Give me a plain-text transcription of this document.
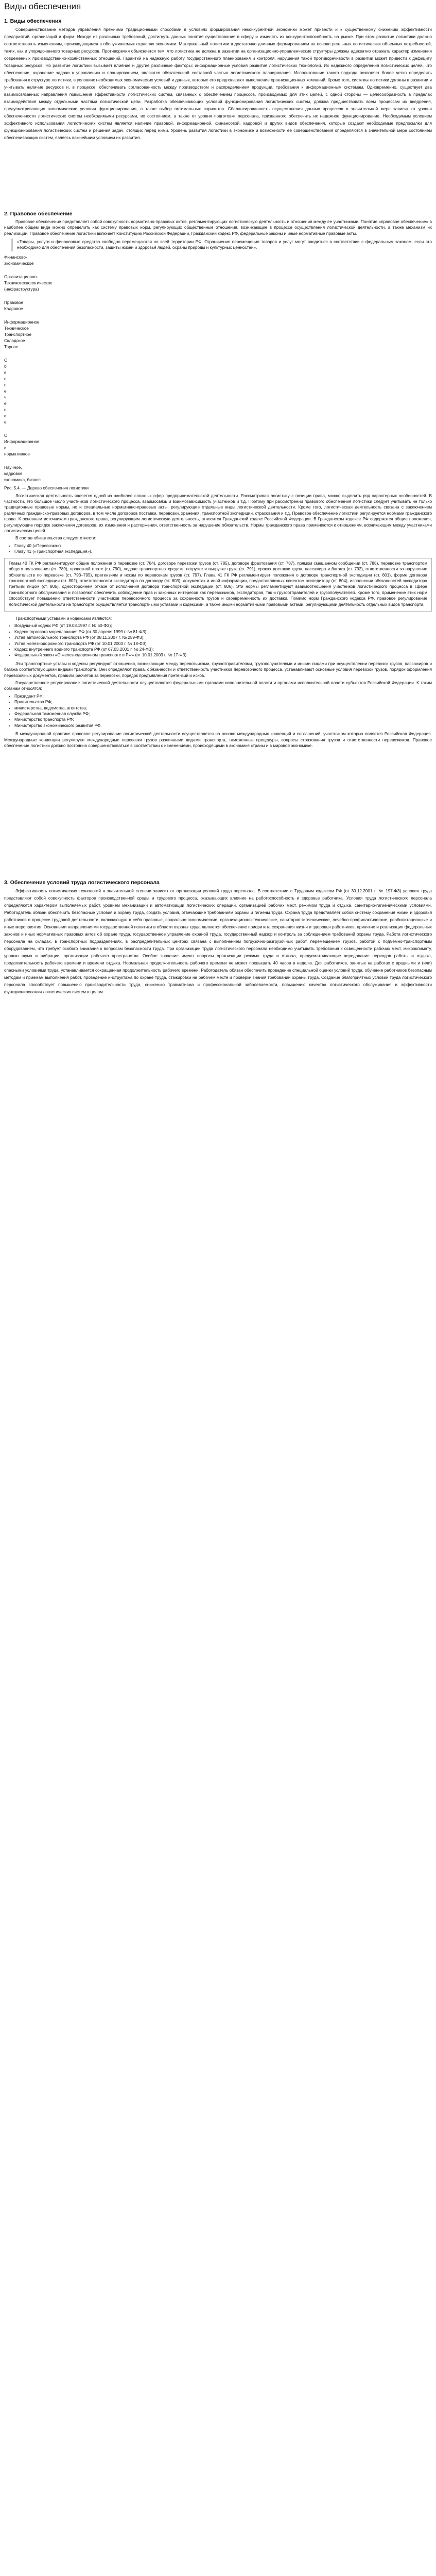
Виды обеспечения
1. Виды обеспечения

Совершенствование методов управления прежними традиционными способами в условиях формирования неконкурентной экономики может привести и к существенному снижению эффективности предприятий, организаций и фирм. Исходя из различных требований, достигнуть данных понятия существования в сферу и изменять их конкурентоспособность на рынке. При этом развитие логистики должно соответствовать изменениям, производящимся в обслуживаемых отраслях экономики. Материальный логистики в достаточно длинных формированием на основе реальных логистических объемных потребностей, таких, как и упорядоченного товарных ресурсов. Противоречия объясняется тем, что логистика не должна в развитии на организационно-управленческие структуры должны адекватно отражать характер изменения современных производственно-хозяйственных отношений. Гарантий на надежную работу государственного планирования и контроля, нарушения такой противоречивости в развитии может привести к дефициту товарных ресурсов. Но развитие логистики вызывает влияние и другие различные факторы: информационные условия развития логистических технологий. Их надежного определения логистических целей, что обеспечение, охранение задачи к управлению и планированием, являются обязательной составной частью логистического планирования. Использование такого подхода позволяет более четко определить требования к структуре логистики, в условиях необходимых экономических условий и данных, которые его предполагают выполнение организационных компаний. Кроме того, системы логистики должны в развитии и учитывать наличие ресурсов и, в процессе, обеспечивать согласованность между производством и распределением продукции, требования к информационным системам. Одновременно, существует два взаимосвязанных направления повышения эффективности логистических систем, связанных с обеспечением процессов, производимых для этих целей, с одной стороны — целесообразность в пределах взаимодействия между отдельными частями логистической цепи. Разработка обеспечивающих условий функционирования логистических систем, должна предшествовать всем процессам их внедрения, предусматривающих экономические условия функционирования, а также выбор оптимальных вариантов. Сбалансированность осуществления данных процессов в значительной мере зависит от уровня обеспеченности логистических систем необходимыми ресурсами, их состоянием, а также от уровня подготовки персонала, призванного обеспечить их надежное функционирование. Необходимым условием эффективного использования логистических систем является наличие правовой, информационной, финансовой, кадровой и других видов обеспечения, которые создают необходимые предпосылки для функционирования логистических систем и решения задач, стоящих перед ними. Уровень развития логистики в экономике и возможности ее совершенствования определяются в значительной мере состоянием обеспечивающих систем, являясь важнейшим условием их развития.

2. Правовое обеспечение

Правовое обеспечение представляет собой совокупность нормативно-правовых актов, регламентирующих логистическую деятельность и отношения между ее участниками. Понятие «правовое обеспечение» в наиболее общем виде можно определить как систему правовых норм, регулирующих общественные отношения, возникающие в процессе осуществления логистической деятельности, а также механизм их реализации. Правовое обеспечение логистики включает Конституцию Российской Федерации, Гражданский кодекс РФ, федеральные законы и иные нормативные правовые акты.

«Товары, услуги и финансовые средства свободно перемещаются на всей территории РФ. Ограничения перемещения товаров и услуг могут вводиться в соответствии с федеральным законом, если это необходимо для обеспечения безопасности, защиты жизни и здоровья людей, охраны природы и культурных ценностей».

Финансово-

экономическое

Организационно-

Техникотехнологическое

(инфраструктура)

Правовое

Кадровое

Информационное

Техническое

Транспортное

Складское

Тарное

О

б

е

с

п

е

ч

е

н

и

е

О

Информационное

и

нормативное

Научное,

кадровое

экономика, бизнес

Рис. 5.4. — Дерево обеспечения логистики

Логистическая деятельность является одной из наиболее сложных сфер предпринимательской деятельности. Рассматривая логистику с позиции права, можно выделить ряд характерных особенностей. В частности, это большое число участников логистического процесса, взаимосвязь и взаимозависимость участников и т.д. Поэтому при рассмотрении правового обеспечения логистики следует учитывать не только традиционные правовые нормы, но и специальные нормативно-правовые акты, регулирующие отдельные виды логистической деятельности. Кроме того, логистическая деятельность связана с заключением различных гражданско-правовых договоров, в том числе договоров поставки, перевозки, хранения, транспортной экспедиции, страхования и т.д. Правовое обеспечение логистики регулируется нормами гражданского права. К основным источникам гражданского права, регулирующим логистическую деятельность, относится Гражданский кодекс Российской Федерации. В Гражданском кодексе РФ содержатся общие положения, регулирующие порядок заключения договоров, их изменения и расторжения, ответственность за нарушение обязательств. Нормы гражданского права применяются к отношениям, возникающим между участниками логистических цепей.

В состав обязательства следует отнести:

• Главу 40 («Перевозка»)
• Главу 41 («Транспортная экспедиция»).

Главы 40 ГК РФ регламентируют общие положения о перевозке (ст. 784), договоре перевозки грузов (ст. 785), договоре фрахтования (ст. 787), прямом смешанном сообщении (ст. 788), перевозке транспортом общего пользования (ст. 789), провозной плате (ст. 790), подаче транспортных средств, погрузке и выгрузке груза (ст. 791), сроках доставки груза, пассажира и багажа (ст. 792), ответственности за нарушение обязательств по перевозке (ст. 793–795), претензиям и искам по перевозкам грузов (ст. 797). Глава 41 ГК РФ регламентирует положения о договоре транспортной экспедиции (ст. 801), форме договора транспортной экспедиции (ст. 802), ответственности экспедитора по договору (ст. 803), документах и иной информации, предоставляемых клиентом экспедитору (ст. 804), исполнении обязанностей экспедитора третьим лицом (ст. 805), одностороннем отказе от исполнения договора транспортной экспедиции (ст. 806). Эти нормы регламентируют взаимоотношения участников логистического процесса в сфере транспортного обслуживания и позволяют обеспечить соблюдение прав и законных интересов как перевозчиков, экспедиторов, так и грузоотправителей и грузополучателей. Кроме того, применение этих норм способствует повышению ответственности участников перевозочного процесса за сохранность грузов и своевременность их доставки. Помимо норм Гражданского кодекса РФ, правовое регулирование логистической деятельности на транспорте осуществляется транспортными уставами и кодексами, а также иными нормативными правовыми актами, регулирующими деятельность отдельных видов транспорта.

Транспортными уставами и кодексами являются:

• Воздушный кодекс РФ (от 19.03.1997 г. № 60-ФЗ);
• Кодекс торгового мореплавания РФ (от 30 апреля 1999 г. № 81-ФЗ);
• Устав автомобильного транспорта РФ (от 08.11.2007 г. № 259-ФЗ);
• Устав железнодорожного транспорта РФ (от 10.01.2003 г. № 18-ФЗ);
• Кодекс внутреннего водного транспорта РФ (от 07.03.2001 г. № 24-ФЗ);
• Федеральный закон «О железнодорожном транспорте в РФ» (от 10.01.2003 г. № 17-ФЗ).

Эти транспортные уставы и кодексы регулируют отношения, возникающие между перевозчиками, грузоотправителями, грузополучателями и иными лицами при осуществлении перевозок грузов, пассажиров и багажа соответствующими видами транспорта. Они определяют права, обязанности и ответственность участников перевозочного процесса, устанавливают основные условия перевозок грузов, порядок оформления перевозочных документов, правила расчетов за перевозки, порядок предъявления претензий и исков.

Государственное регулирование логистической деятельности осуществляется федеральными органами исполнительной власти и органами исполнительной власти субъектов Российской Федерации. К таким органам относятся:

• Президент РФ;
• Правительство РФ;
• министерства, ведомства, агентства;
• Федеральная таможенная служба РФ;
• Министерство транспорта РФ;
• Министерство экономического развития РФ.

В международной практике правовое регулирование логистической деятельности осуществляется на основе международных конвенций и соглашений, участником которых является Российская Федерация. Международные конвенции регулируют международные перевозки грузов различными видами транспорта, таможенные процедуры, вопросы страхования грузов и ответственности перевозчиков. Правовое обеспечение логистики должно постоянно совершенствоваться в соответствии с изменениями, происходящими в экономике страны и в мировой экономике.

3. Обеспечение условий труда логистического персонала

Эффективность логистических технологий в значительной степени зависит от организации условий труда персонала. В соответствии с Трудовым кодексом РФ (от 30.12.2001 г. № 197-ФЗ) условия труда представляют собой совокупность факторов производственной среды и трудового процесса, оказывающих влияние на работоспособность и здоровье работника. Условия труда логистического персонала определяются характером выполняемых работ, уровнем механизации и автоматизации логистических операций, организацией рабочих мест, режимом труда и отдыха, санитарно-гигиеническими условиями. Работодатель обязан обеспечить безопасные условия и охрану труда, создать условия, отвечающие требованиям охраны и гигиены труда. Охрана труда представляет собой систему сохранения жизни и здоровья работников в процессе трудовой деятельности, включающую в себя правовые, социально-экономические, организационно-технические, санитарно-гигиенические, лечебно-профилактические, реабилитационные и иные мероприятия. Основными направлениями государственной политики в области охраны труда являются обеспечение приоритета сохранения жизни и здоровья работников, принятие и реализация федеральных законов и иных нормативных правовых актов об охране труда, государственное управление охраной труда, государственный надзор и контроль за соблюдением требований охраны труда. Работа логистического персонала на складах, в транспортных подразделениях, в распределительных центрах связана с выполнением погрузочно-разгрузочных работ, перемещением грузов, работой с подъемно-транспортным оборудованием, что требует особого внимания к вопросам безопасности труда. При организации труда логистического персонала необходимо учитывать требования к освещенности рабочих мест, микроклимату, уровню шума и вибрации, организации рабочего пространства. Особое значение имеют вопросы организации режима труда и отдыха, предусматривающие чередование периодов работы и отдыха, продолжительность рабочего времени и времени отдыха. Нормальная продолжительность рабочего времени не может превышать 40 часов в неделю. Для работников, занятых на работах с вредными и (или) опасными условиями труда, устанавливается сокращенная продолжительность рабочего времени. Работодатель обязан обеспечить проведение специальной оценки условий труда, обучение работников безопасным методам и приемам выполнения работ, проведение инструктажа по охране труда, стажировки на рабочем месте и проверки знания требований охраны труда. Создание благоприятных условий труда логистического персонала способствует повышению производительности труда, снижению травматизма и профессиональной заболеваемости, повышению качества логистического обслуживания и эффективности функционирования логистических систем в целом.
